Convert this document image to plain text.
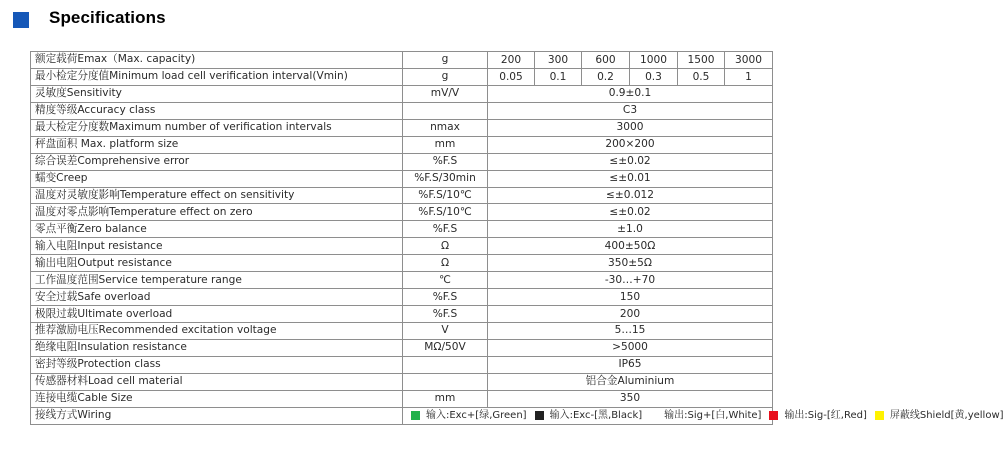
Specifications
额定载荷Emax（Max. capacity)	g	200	300	600	1000	1500	3000
最小检定分度值Minimum load cell verification interval(Vmin)	g	0.05	0.1	0.2	0.3	0.5	1
灵敏度Sensitivity	mV/V	0.9±0.1					
精度等级Accuracy class		C3					
最大检定分度数Maximum number of verification intervals	nmax	3000					
秤盘面积 Max. platform size	mm	200×200					
综合误差Comprehensive error	%F.S	≤±0.02					
蠕变Creep	%F.S/30min	≤±0.01					
温度对灵敏度影响Temperature effect on sensitivity	%F.S/10℃	≤±0.012					
温度对零点影响Temperature effect on zero	%F.S/10℃	≤±0.02					
零点平衡Zero balance	%F.S	±1.0					
输入电阻Input resistance	Ω	400±50Ω					
输出电阻Output resistance	Ω	350±5Ω					
工作温度范围Service temperature range	℃	-30…+70					
安全过载Safe overload	%F.S	150					
极限过载Ultimate overload	%F.S	200					
推荐激励电压Recommended excitation voltage	V	5…15					
绝缘电阻Insulation resistance	MΩ/50V	>5000					
密封等级Protection class		IP65					
传感器材料Load cell material		铝合金Aluminium					
连接电缆Cable Size	mm	350					
接线方式Wiring	输入:Exc+[绿,Green] 输入:Exc-[黑,Black] 输出:Sig+[白,White] 输出:Sig-[红,Red] 屏蔽线Shield[黄,yellow]						
